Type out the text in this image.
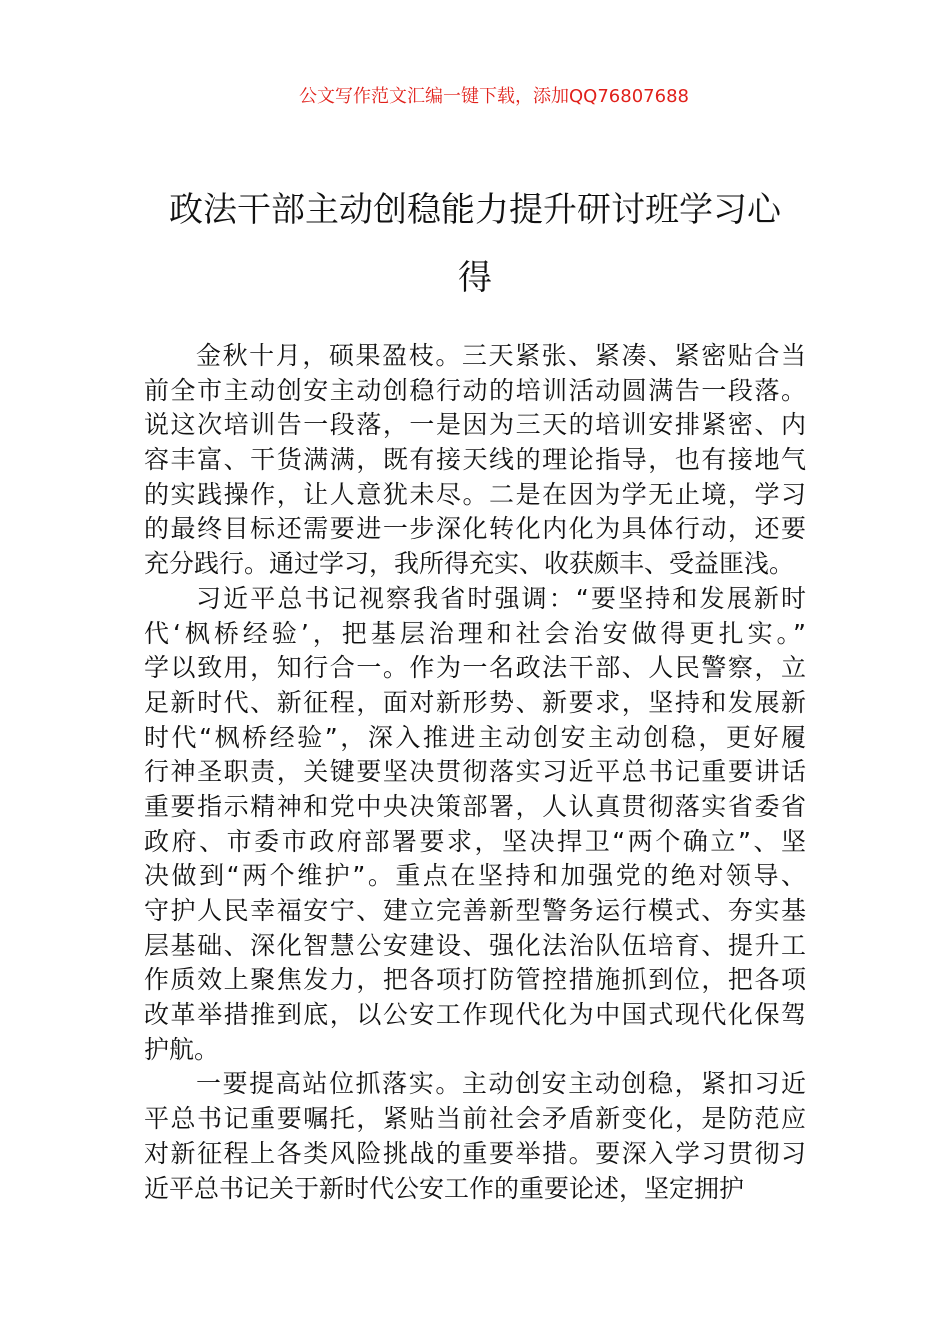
公文写作范文汇编一键下载，添加QQ76807688
政法干部主动创稳能力提升研讨班学习心
得
金秋十月，硕果盈枝。三天紧张、紧凑、紧密贴合当
前全市主动创安主动创稳行动的培训活动圆满告一段落。
说这次培训告一段落，一是因为三天的培训安排紧密、内
容丰富、干货满满，既有接天线的理论指导，也有接地气
的实践操作，让人意犹未尽。二是在因为学无止境，学习
的最终目标还需要进一步深化转化内化为具体行动，还要
充分践行。通过学习，我所得充实、收获颇丰、受益匪浅。
习近平总书记视察我省时强调：“要坚持和发展新时
代‘枫桥经验’，把基层治理和社会治安做得更扎实。”
学以致用，知行合一。作为一名政法干部、人民警察，立
足新时代、新征程，面对新形势、新要求，坚持和发展新
时代“枫桥经验”，深入推进主动创安主动创稳，更好履
行神圣职责，关键要坚决贯彻落实习近平总书记重要讲话
重要指示精神和党中央决策部署，人认真贯彻落实省委省
政府、市委市政府部署要求，坚决捍卫“两个确立”、坚
决做到“两个维护”。重点在坚持和加强党的绝对领导、
守护人民幸福安宁、建立完善新型警务运行模式、夯实基
层基础、深化智慧公安建设、强化法治队伍培育、提升工
作质效上聚焦发力，把各项打防管控措施抓到位，把各项
改革举措推到底，以公安工作现代化为中国式现代化保驾
护航。
一要提高站位抓落实。主动创安主动创稳，紧扣习近
平总书记重要嘱托，紧贴当前社会矛盾新变化，是防范应
对新征程上各类风险挑战的重要举措。要深入学习贯彻习
近平总书记关于新时代公安工作的重要论述，坚定拥护
